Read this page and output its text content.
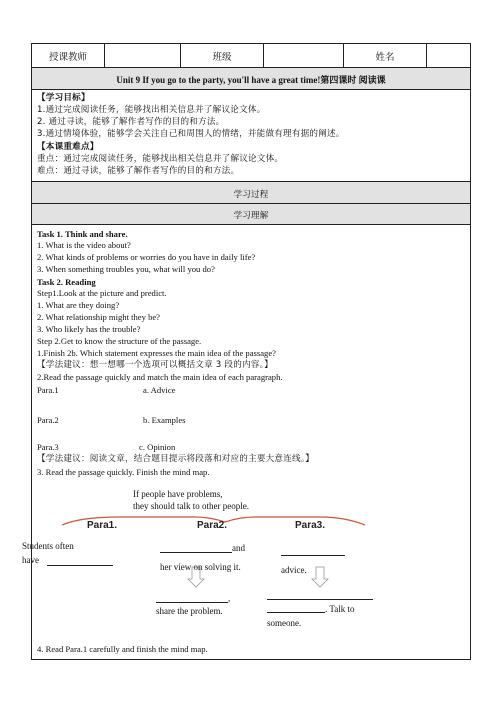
授课教师	班级	姓名
Unit 9 If you go to the party, you'll have a great time!第四课时 阅读课
【学习目标】
1.通过完成阅读任务，能够找出相关信息并了解议论文体。
2. 通过寻读，能够了解作者写作的目的和方法。
3.通过情境体验，能够学会关注自己和周围人的情绪，并能做有理有据的阐述。
【本课重难点】
重点：通过完成阅读任务，能够找出相关信息并了解议论文体。
难点：通过寻读，能够了解作者写作的目的和方法。
学习过程
学习理解
Task 1. Think and share.
1. What is the video about?
2. What kinds of problems or worries do you have in daily life?
3. When something troubles you, what will you do?
Task 2. Reading
Step1.Look at the picture and predict.
1. What are they doing?
2. What relationship might they be?
3. Who likely has the trouble?
Step 2.Get to know the structure of the passage.
1.Finish 2b. Which statement expresses the main idea of the passage?
【学法建议：想一想哪一个选项可以概括文章 3 段的内容。】
2.Read the passage quickly and match the main idea of each paragraph.
Para.1	a. Advice
Para.2	b. Examples
Para.3	c. Opinion
【学法建议：阅读文章，结合题目提示将段落和对应的主要大意连线。】
3. Read the passage quickly. Finish the mind map.
4. Read Para.1 carefully and finish the mind map.
If people have problems,
they should talk to other people.
Para1.	Para2.	Para3.
Students often
have
and
her view on solving it.	advice.
,
share the problem.	. Talk to
someone.
